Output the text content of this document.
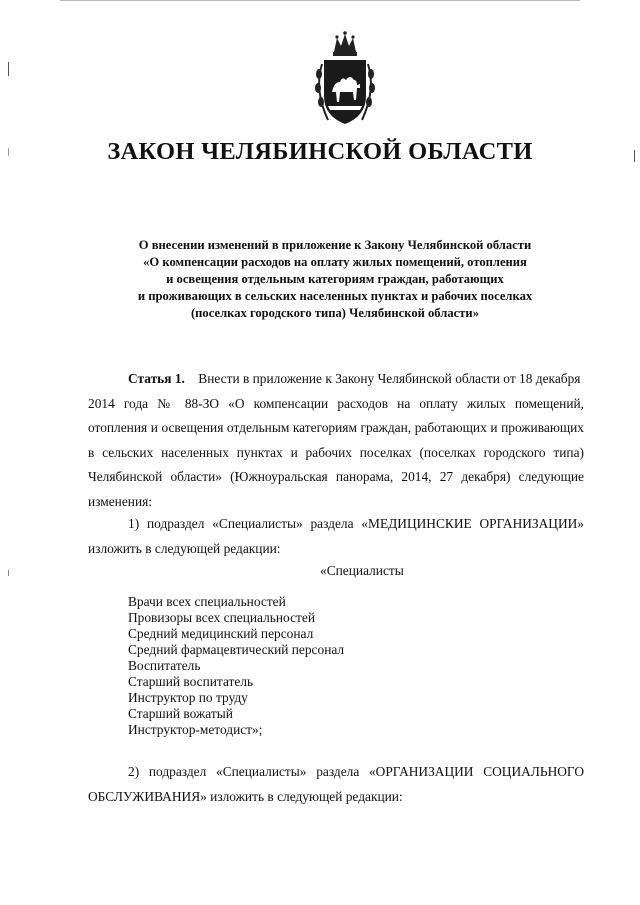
ЗАКОН ЧЕЛЯБИНСКОЙ ОБЛАСТИ
О внесении изменений в приложение к Закону Челябинской области
«О компенсации расходов на оплату жилых помещений, отопления
и освещения отдельным категориям граждан, работающих
и проживающих в сельских населенных пунктах и рабочих поселках
(поселках городского типа) Челябинской области»
Статья 1. Внести в приложение к Закону Челябинской области от 18 декабря
2014 года № 88-ЗО «О компенсации расходов на оплату жилых помещений,
отопления и освещения отдельным категориям граждан, работающих и проживающих
в сельских населенных пунктах и рабочих поселках (поселках городского типа)
Челябинской области» (Южноуральская панорама, 2014, 27 декабря) следующие
изменения:
1) подраздел «Специалисты» раздела «МЕДИЦИНСКИЕ ОРГАНИЗАЦИИ»
изложить в следующей редакции:
«Специалисты
Врачи всех специальностей
Провизоры всех специальностей
Средний медицинский персонал
Средний фармацевтический персонал
Воспитатель
Старший воспитатель
Инструктор по труду
Старший вожатый
Инструктор-методист»;
2) подраздел «Специалисты» раздела «ОРГАНИЗАЦИИ СОЦИАЛЬНОГО
ОБСЛУЖИВАНИЯ» изложить в следующей редакции:
